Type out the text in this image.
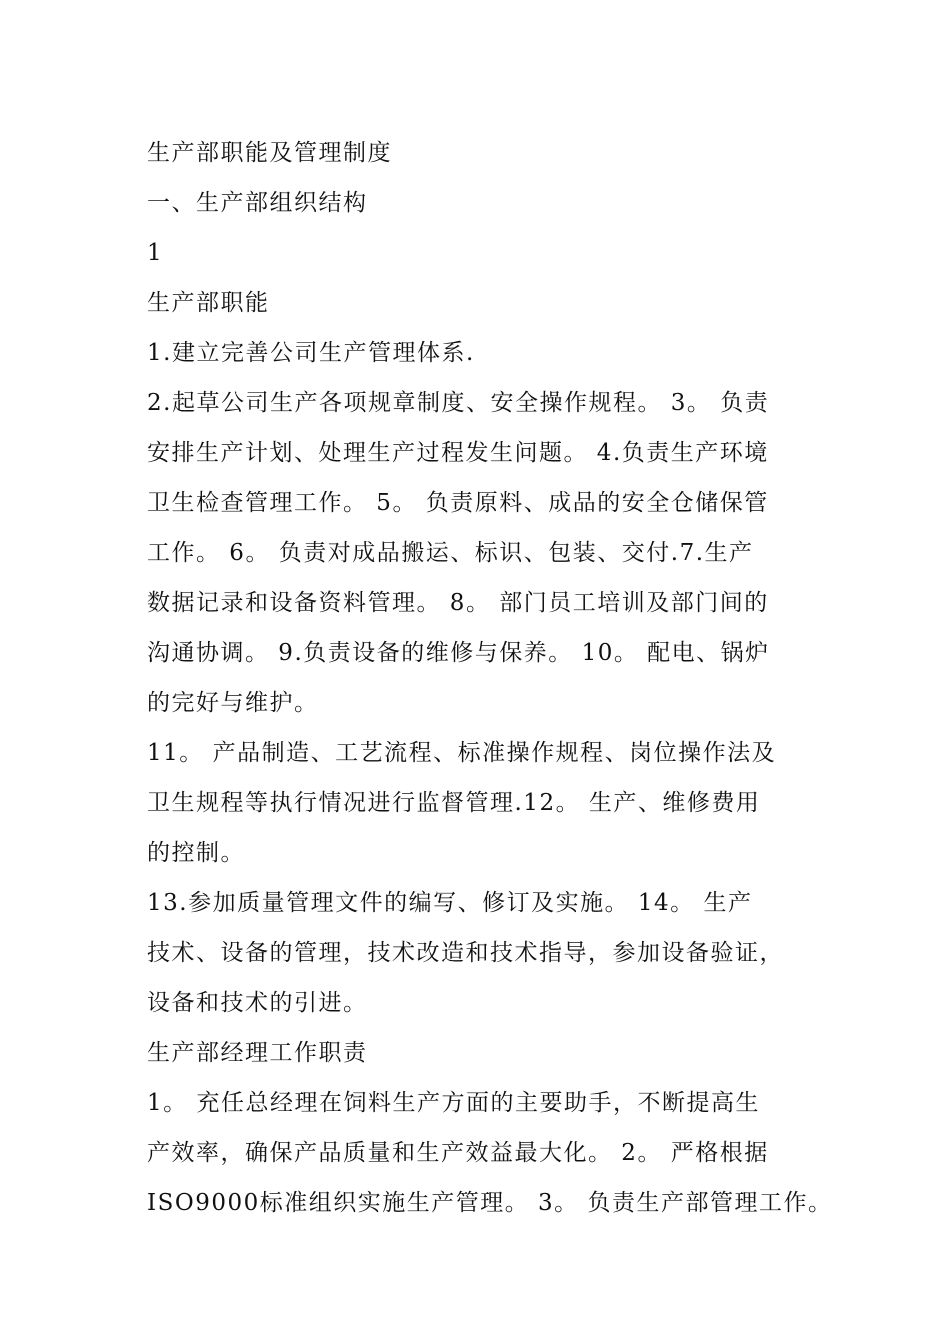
生产部职能及管理制度
一、生产部组织结构
1
生产部职能
1.建立完善公司生产管理体系.
2.起草公司生产各项规章制度、安全操作规程。 3。 负责
安排生产计划、处理生产过程发生问题。 4.负责生产环境
卫生检查管理工作。 5。 负责原料、成品的安全仓储保管
工作。 6。 负责对成品搬运、标识、包装、交付.7.生产
数据记录和设备资料管理。 8。 部门员工培训及部门间的
沟通协调。 9.负责设备的维修与保养。 10。 配电、锅炉
的完好与维护。
11。 产品制造、工艺流程、标准操作规程、岗位操作法及
卫生规程等执行情况进行监督管理.12。 生产、维修费用
的控制。
13.参加质量管理文件的编写、修订及实施。 14。 生产
技术、设备的管理，技术改造和技术指导，参加设备验证，
设备和技术的引进。
生产部经理工作职责
1。 充任总经理在饲料生产方面的主要助手，不断提高生
产效率，确保产品质量和生产效益最大化。 2。 严格根据
ISO9000标准组织实施生产管理。 3。 负责生产部管理工作。
